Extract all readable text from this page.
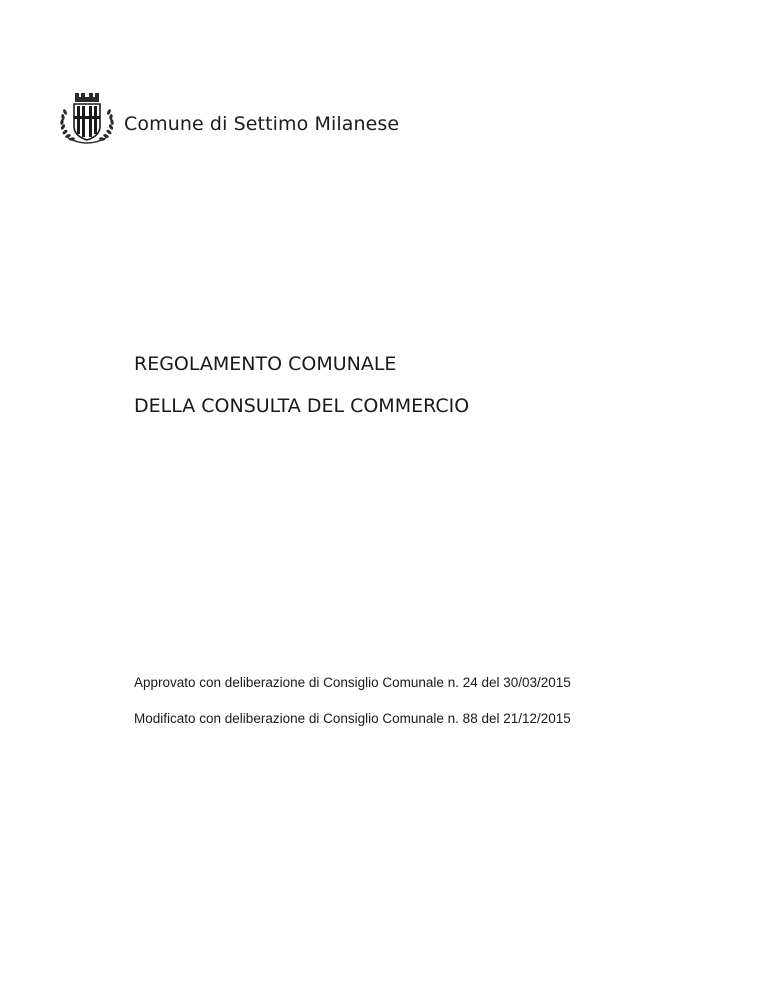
Comune di Settimo Milanese
REGOLAMENTO COMUNALE
DELLA CONSULTA DEL COMMERCIO
Approvato con deliberazione di Consiglio Comunale n. 24 del 30/03/2015
Modificato con deliberazione di Consiglio Comunale n. 88 del 21/12/2015
